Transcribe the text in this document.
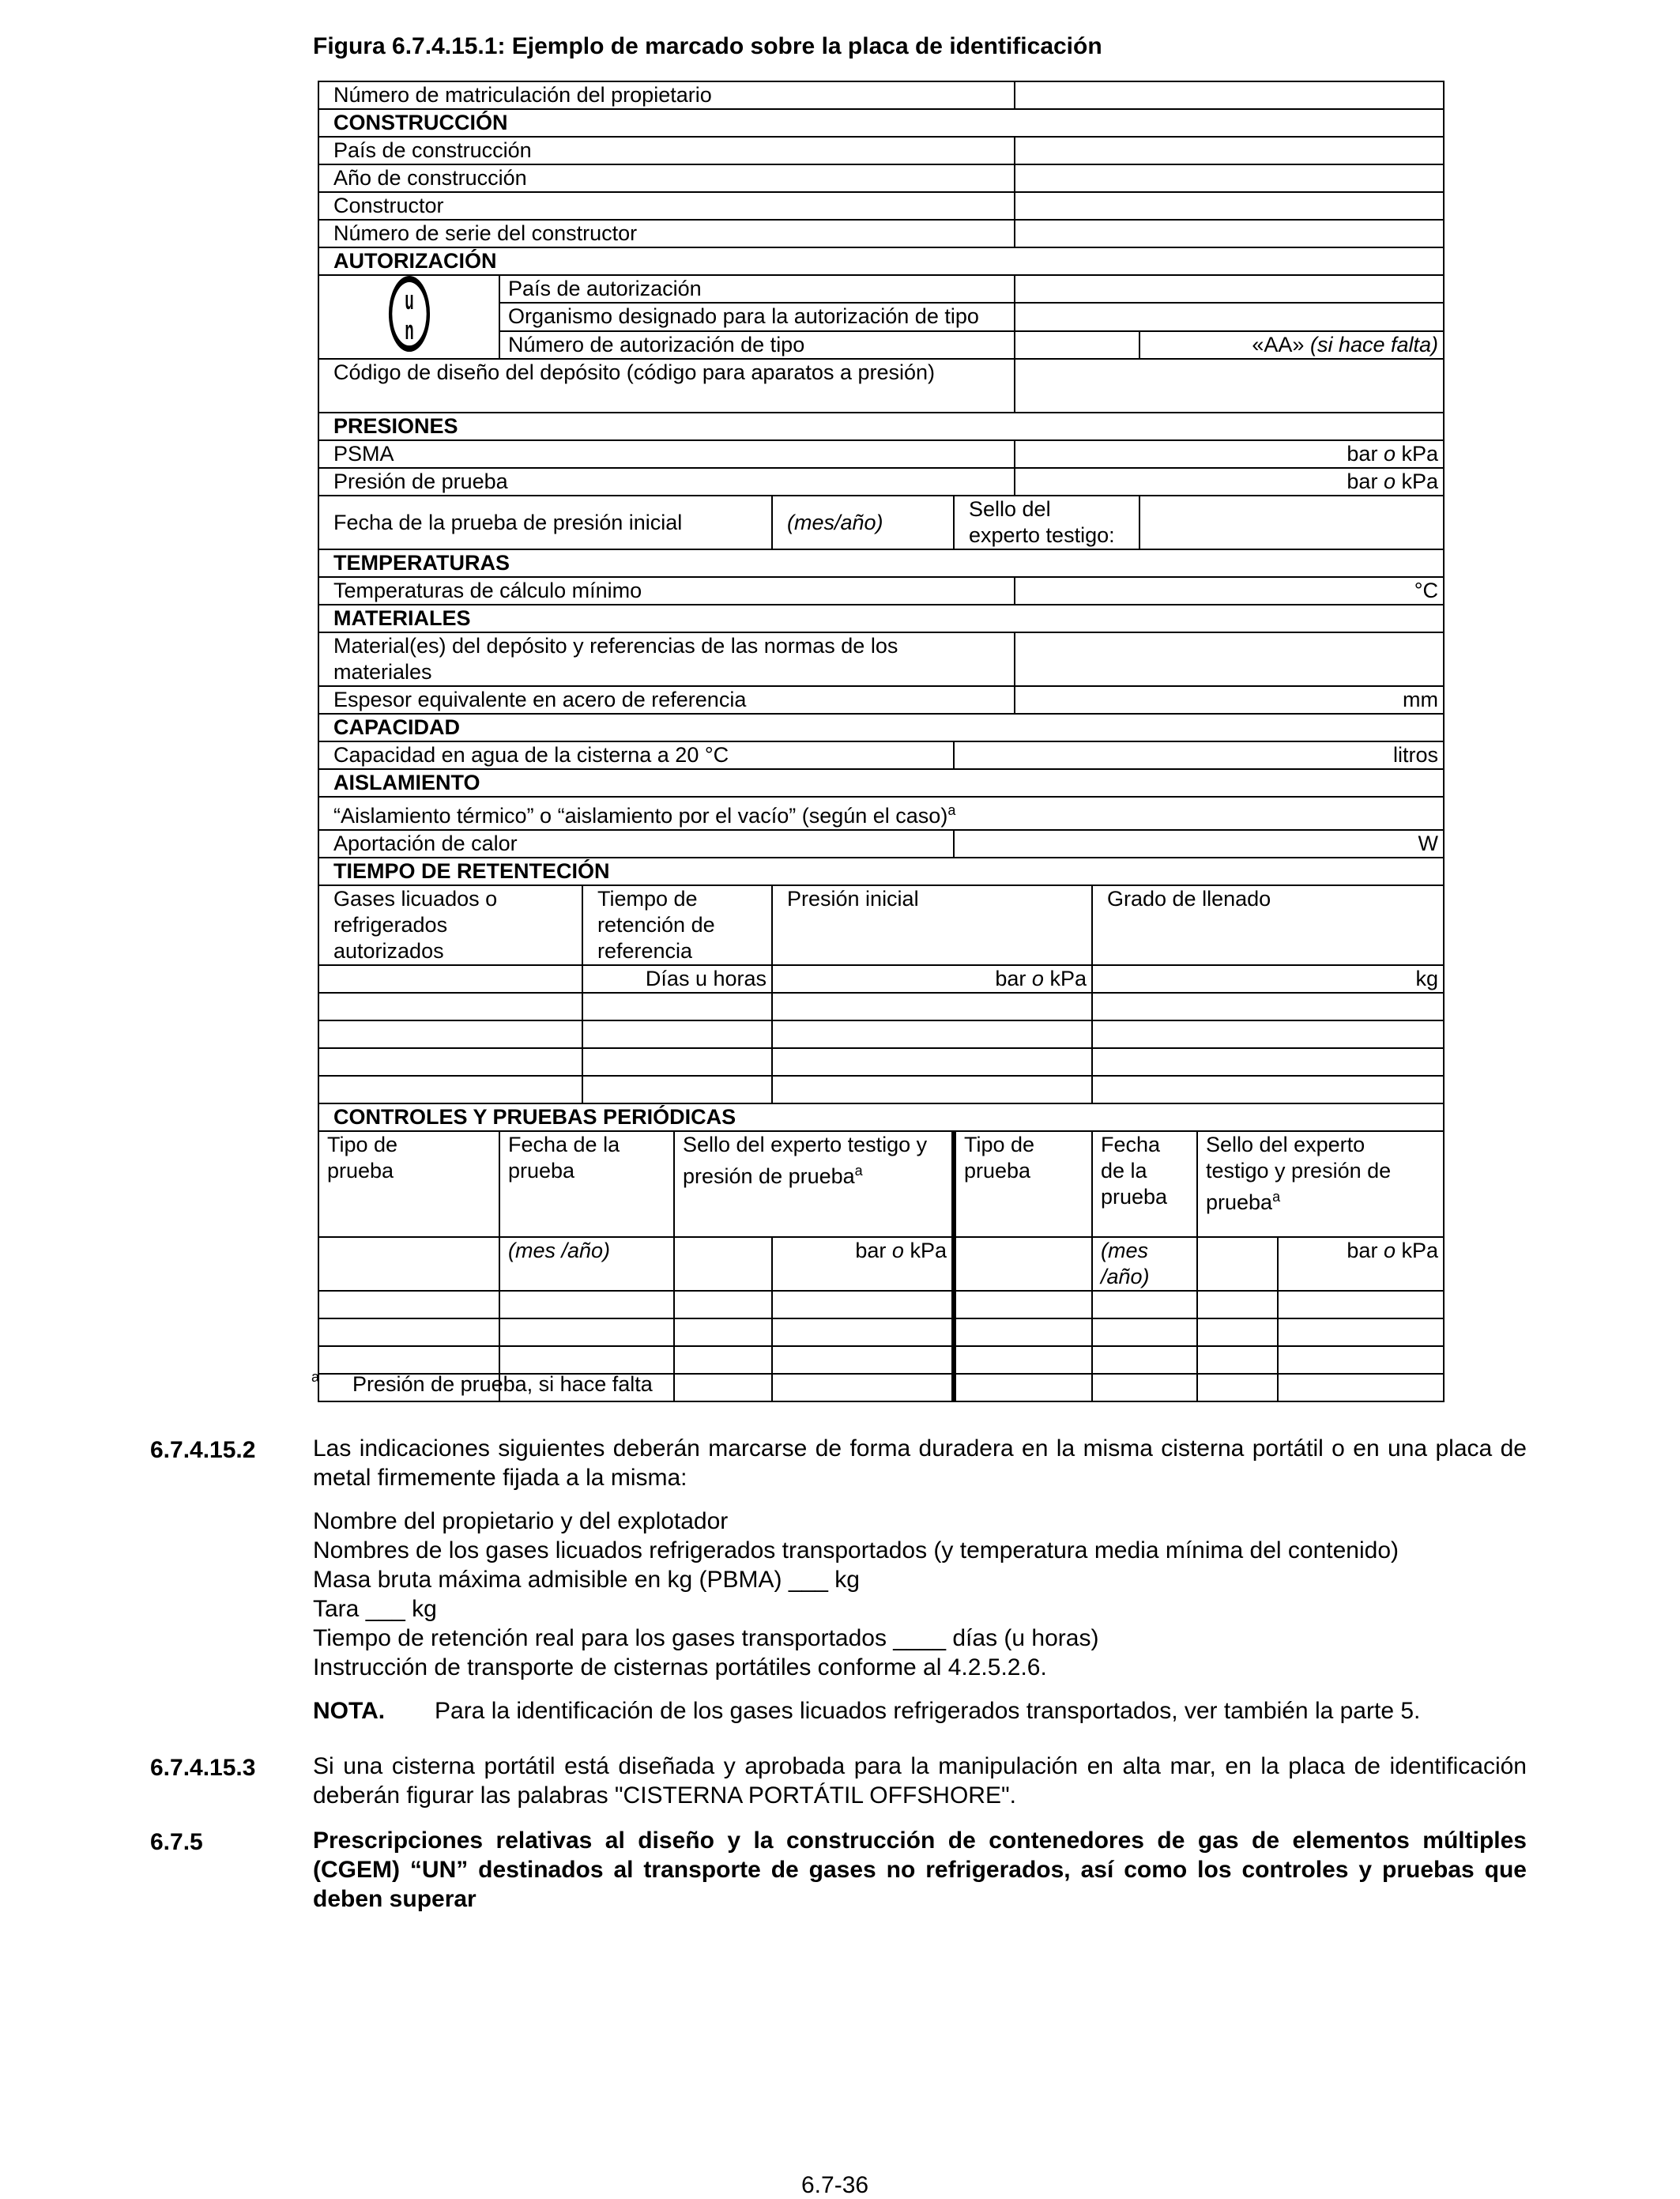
Figura 6.7.4.15.1: Ejemplo de marcado sobre la placa de identificación
Número de matriculación del propietario										
CONSTRUCCIÓN										
País de construcción										
Año de construcción										
Constructor										
Número de serie del constructor										
AUTORIZACIÓN										

u
n	País de autorización									
	Organismo designado para la autorización de tipo									
	Número de autorización de tipo							«AA» (si hace falta)		
Código de diseño del depósito (código para aparatos a presión)										
PRESIONES										
PSMA						bar o kPa				
Presión de prueba						bar o kPa				
Fecha de la prueba de presión inicial				(mes/año)	Sello del experto testigo:					
TEMPERATURAS										
Temperaturas de cálculo mínimo						°C				
MATERIALES										
Material(es) del depósito y referencias de las normas de los materiales										
Espesor equivalente en acero de referencia						mm				
CAPACIDAD										
Capacidad en agua de la cisterna a 20 °C					litros					
AISLAMIENTO										
“Aislamiento térmico” o “aislamiento por el vacío” (según el caso)$^a$
Aportación de calor					W					
TIEMPO DE RETENTECIÓN										
Gases licuados o refrigerados autorizados		Tiempo de retención de referencia		Presión inicial			Grado de llenado			
		Días u horas		bar o kPa			kg			

CONTROLES Y PRUEBAS PERIÓDICAS										
Tipo de prueba	Fecha de la prueba		Sello del experto testigo y presión de prueba$^a$		Tipo de prueba		Fecha de la prueba		Sello del experto testigo y presión de prueba$^a$
	(mes /año)			bar o kPa			(mes /año)			bar o kPa

$^a$ Presión de prueba, si hace falta
6.7.4.15.2 Las indicaciones siguientes deberán marcarse de forma duradera en la misma cisterna portátil o en una placa de metal firmemente fijada a la misma:
Nombre del propietario y del explotador
Nombres de los gases licuados refrigerados transportados (y temperatura media mínima del contenido)
Masa bruta máxima admisible en kg (PBMA) ___ kg
Tara ___ kg
Tiempo de retención real para los gases transportados ____ días (u horas)
Instrucción de transporte de cisternas portátiles conforme al 4.2.5.2.6.
NOTA. Para la identificación de los gases licuados refrigerados transportados, ver también la parte 5.
6.7.4.15.3 Si una cisterna portátil está diseñada y aprobada para la manipulación en alta mar, en la placa de identificación deberán figurar las palabras "CISTERNA PORTÁTIL OFFSHORE".
6.7.5	Prescripciones relativas al diseño y la construcción de contenedores de gas de elementos múltiples (CGEM) “UN” destinados al transporte de gases no refrigerados, así como los controles y pruebas que deben superar
6.7-36
